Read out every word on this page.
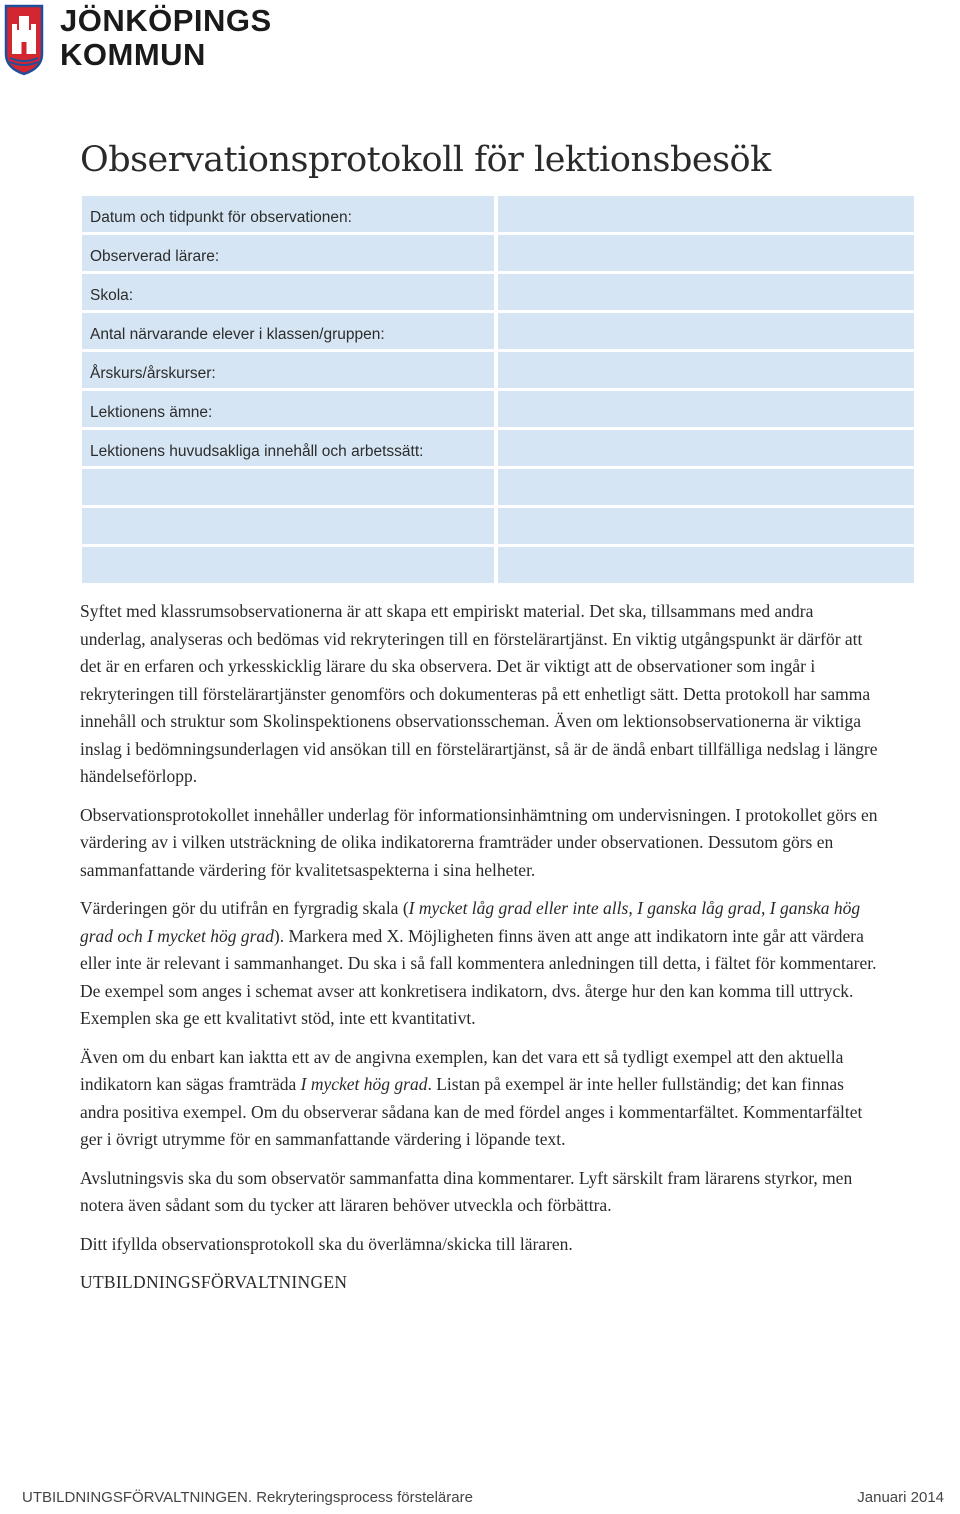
JÖNKÖPINGS
KOMMUN
Observationsprotokoll för lektionsbesök
Datum och tidpunkt för observationen:
Observerad lärare:
Skola:
Antal närvarande elever i klassen/gruppen:
Årskurs/årskurser:
Lektionens ämne:
Lektionens huvudsakliga innehåll och arbetssätt:

Syftet med klassrumsobservationerna är att skapa ett empiriskt material. Det ska, tillsammans med andra underlag, analyseras och bedömas vid rekryteringen till en förstelärartjänst. En viktig utgångspunkt är därför att det är en erfaren och yrkesskicklig lärare du ska observera. Det är viktigt att de observationer som ingår i rekryteringen till förstelärartjänster genomförs och dokumenteras på ett enhetligt sätt. Detta protokoll har samma innehåll och struktur som Skolinspektionens observationsscheman. Även om lektionsobservationerna är viktiga inslag i bedömningsunderlagen vid ansökan till en förstelärartjänst, så är de ändå enbart tillfälliga nedslag i längre händelseförlopp.

Observationsprotokollet innehåller underlag för informationsinhämtning om undervisningen. I protokollet görs en värdering av i vilken utsträckning de olika indikatorerna framträder under observationen. Dessutom görs en sammanfattande värdering för kvalitetsaspekterna i sina helheter.

Värderingen gör du utifrån en fyrgradig skala (I mycket låg grad eller inte alls, I ganska låg grad, I ganska hög grad och I mycket hög grad). Markera med X. Möjligheten finns även att ange att indikatorn inte går att värdera eller inte är relevant i sammanhanget. Du ska i så fall kommentera anledningen till detta, i fältet för kommentarer. De exempel som anges i schemat avser att konkretisera indikatorn, dvs. återge hur den kan komma till uttryck. Exemplen ska ge ett kvalitativt stöd, inte ett kvantitativt.

Även om du enbart kan iaktta ett av de angivna exemplen, kan det vara ett så tydligt exempel att den aktuella indikatorn kan sägas framträda I mycket hög grad. Listan på exempel är inte heller fullständig; det kan finnas andra positiva exempel. Om du observerar sådana kan de med fördel anges i kommentarfältet. Kommentarfältet ger i övrigt utrymme för en sammanfattande värdering i löpande text.

Avslutningsvis ska du som observatör sammanfatta dina kommentarer. Lyft särskilt fram lärarens styrkor, men notera även sådant som du tycker att läraren behöver utveckla och förbättra.

Ditt ifyllda observationsprotokoll ska du överlämna/skicka till läraren.

UTBILDNINGSFÖRVALTNINGEN

UTBILDNINGSFÖRVALTNINGEN. Rekryteringsprocess förstelärare	Januari 2014
